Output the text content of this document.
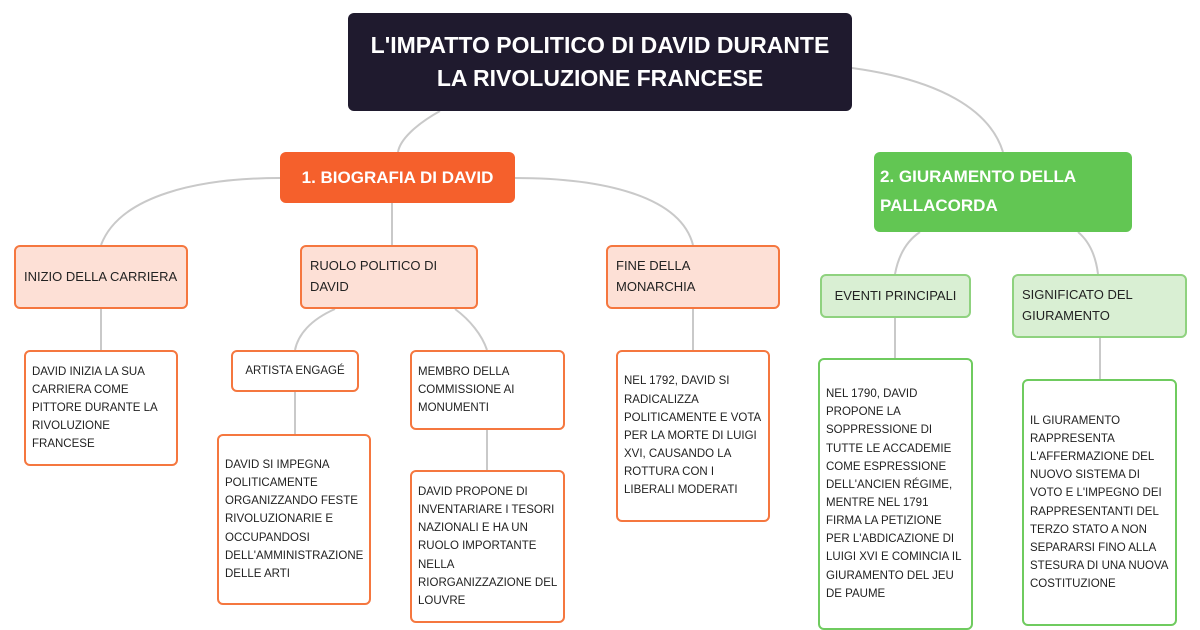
L'IMPATTO POLITICO DI DAVID DURANTE
LA RIVOLUZIONE FRANCESE
1. BIOGRAFIA DI DAVID	2. GIURAMENTO DELLA PALLACORDA
INIZIO DELLA CARRIERA
RUOLO POLITICO DI DAVID
FINE DELLA MONARCHIA
DAVID INIZIA LA SUA CARRIERA COME PITTORE DURANTE LA RIVOLUZIONE FRANCESE
ARTISTA ENGAGÉ	MEMBRO DELLA COMMISSIONE AI MONUMENTI
DAVID SI IMPEGNA POLITICAMENTE ORGANIZZANDO FESTE RIVOLUZIONARIE E OCCUPANDOSI DELL'AMMINISTRAZIONE DELLE ARTI
DAVID PROPONE DI INVENTARIARE I TESORI NAZIONALI E HA UN RUOLO IMPORTANTE NELLA RIORGANIZZAZIONE DEL LOUVRE
NEL 1792, DAVID SI RADICALIZZA POLITICAMENTE E VOTA PER LA MORTE DI LUIGI XVI, CAUSANDO LA ROTTURA CON I LIBERALI MODERATI
EVENTI PRINCIPALI	SIGNIFICATO DEL GIURAMENTO
NEL 1790, DAVID PROPONE LA SOPPRESSIONE DI TUTTE LE ACCADEMIE COME ESPRESSIONE DELL'ANCIEN RÉGIME, MENTRE NEL 1791 FIRMA LA PETIZIONE PER L'ABDICAZIONE DI LUIGI XVI E COMINCIA IL GIURAMENTO DEL JEU DE PAUME
IL GIURAMENTO RAPPRESENTA L'AFFERMAZIONE DEL NUOVO SISTEMA DI VOTO E L'IMPEGNO DEI RAPPRESENTANTI DEL TERZO STATO A NON SEPARARSI FINO ALLA STESURA DI UNA NUOVA COSTITUZIONE
